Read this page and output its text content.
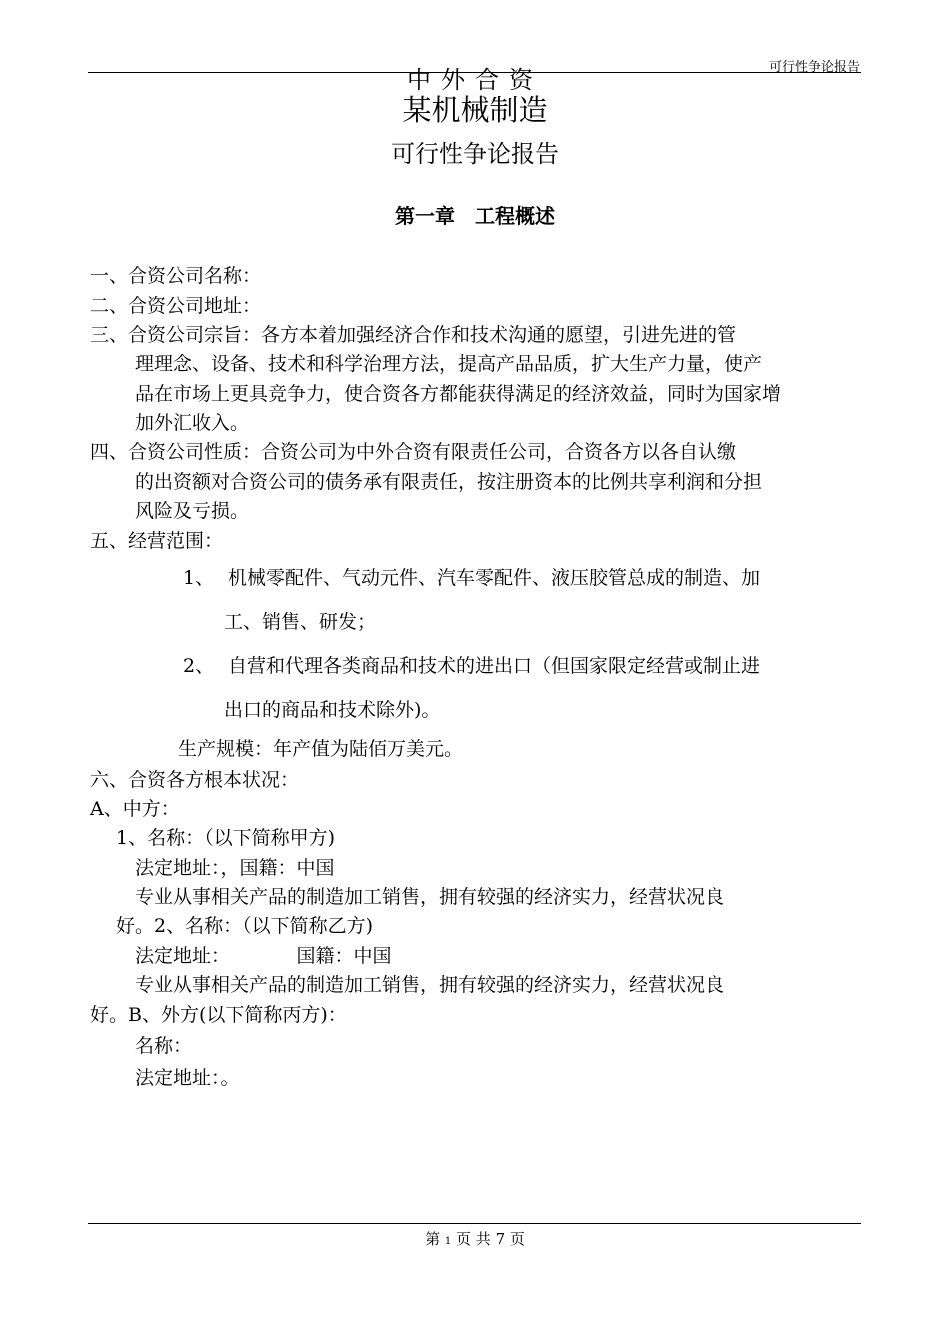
可行性争论报告
中外合资
某机械制造
可行性争论报告
第一章　工程概述
一、合资公司名称：
二、合资公司地址：
三、合资公司宗旨：各方本着加强经济合作和技术沟通的愿望，引进先进的管
理理念、设备、技术和科学治理方法，提高产品品质，扩大生产力量，使产
品在市场上更具竞争力，使合资各方都能获得满足的经济效益，同时为国家增
加外汇收入。
四、合资公司性质：合资公司为中外合资有限责任公司，合资各方以各自认缴
的出资额对合资公司的债务承有限责任，按注册资本的比例共享利润和分担
风险及亏损。
五、经营范围：
1、 机械零配件、气动元件、汽车零配件、液压胶管总成的制造、加
工、销售、研发；
2、 自营和代理各类商品和技术的进出口（但国家限定经营或制止进
出口的商品和技术除外)。
生产规模：年产值为陆佰万美元。
六、合资各方根本状况：
A、中方：
1、名称：（以下简称甲方)
法定地址：，国籍：中国
专业从事相关产品的制造加工销售，拥有较强的经济实力，经营状况良
好。2、名称：（以下简称乙方)
法定地址：　　　　国籍：中国
专业从事相关产品的制造加工销售，拥有较强的经济实力，经营状况良
好。B、外方(以下简称丙方)：
名称：
法定地址：。
第 1 页 共 7 页
